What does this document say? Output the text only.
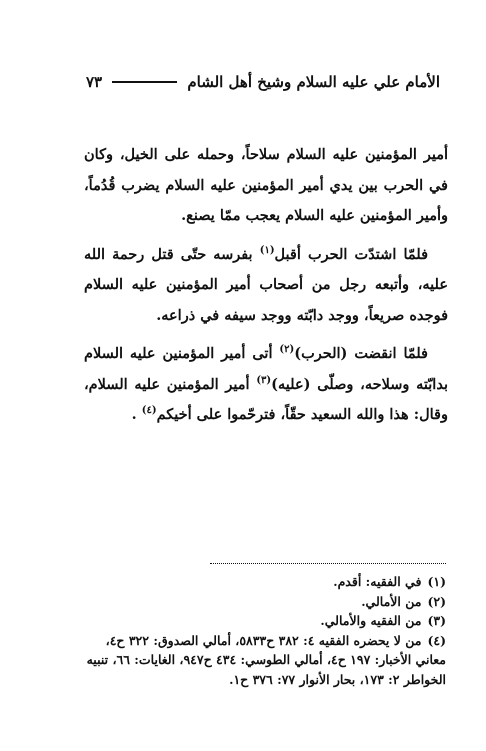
الأمام علي عليه السلام وشيخ أهل الشام
٧٣

أمير المؤمنين عليه السلام سلاحاً، وحمله على الخيل، وكان في الحرب بين يدي أمير المؤمنين عليه السلام يضرب قُدُماً، وأمير المؤمنين عليه السلام يعجب ممّا يصنع.

فلمّا اشتدّت الحرب أقبل$^{(١)}$ بفرسه حتّى قتل رحمة الله عليه، وأتبعه رجل من أصحاب أمير المؤمنين عليه السلام فوجده صريعاً، ووجد دابّته ووجد سيفه في ذراعه.

فلمّا انقضت (الحرب)$^{(٢)}$ أتى أمير المؤمنين عليه السلام بدابّته وسلاحه، وصلّى (عليه)$^{(٣)}$ أمير المؤمنين عليه السلام، وقال: هذا والله السعيد حقّاً، فترحّموا على أخيكم$^{(٤)}$ .

(١)في الفقيه: أقدم.

(٢)من الأمالي.

(٣)من الفقيه والأمالي.

(٤)من لا يحضره الفقيه ٤: ٣٨٢ ح٥٨٣٣، أمالي الصدوق: ٣٢٢ ح٤، معاني الأخبار: ١٩٧ ح٤، أمالي الطوسي: ٤٣٤ ح٩٤٧، الغايات: ٦٦، تنبيه الخواطر ٢: ١٧٣، بحار الأنوار ٧٧: ٣٧٦ ح١.
